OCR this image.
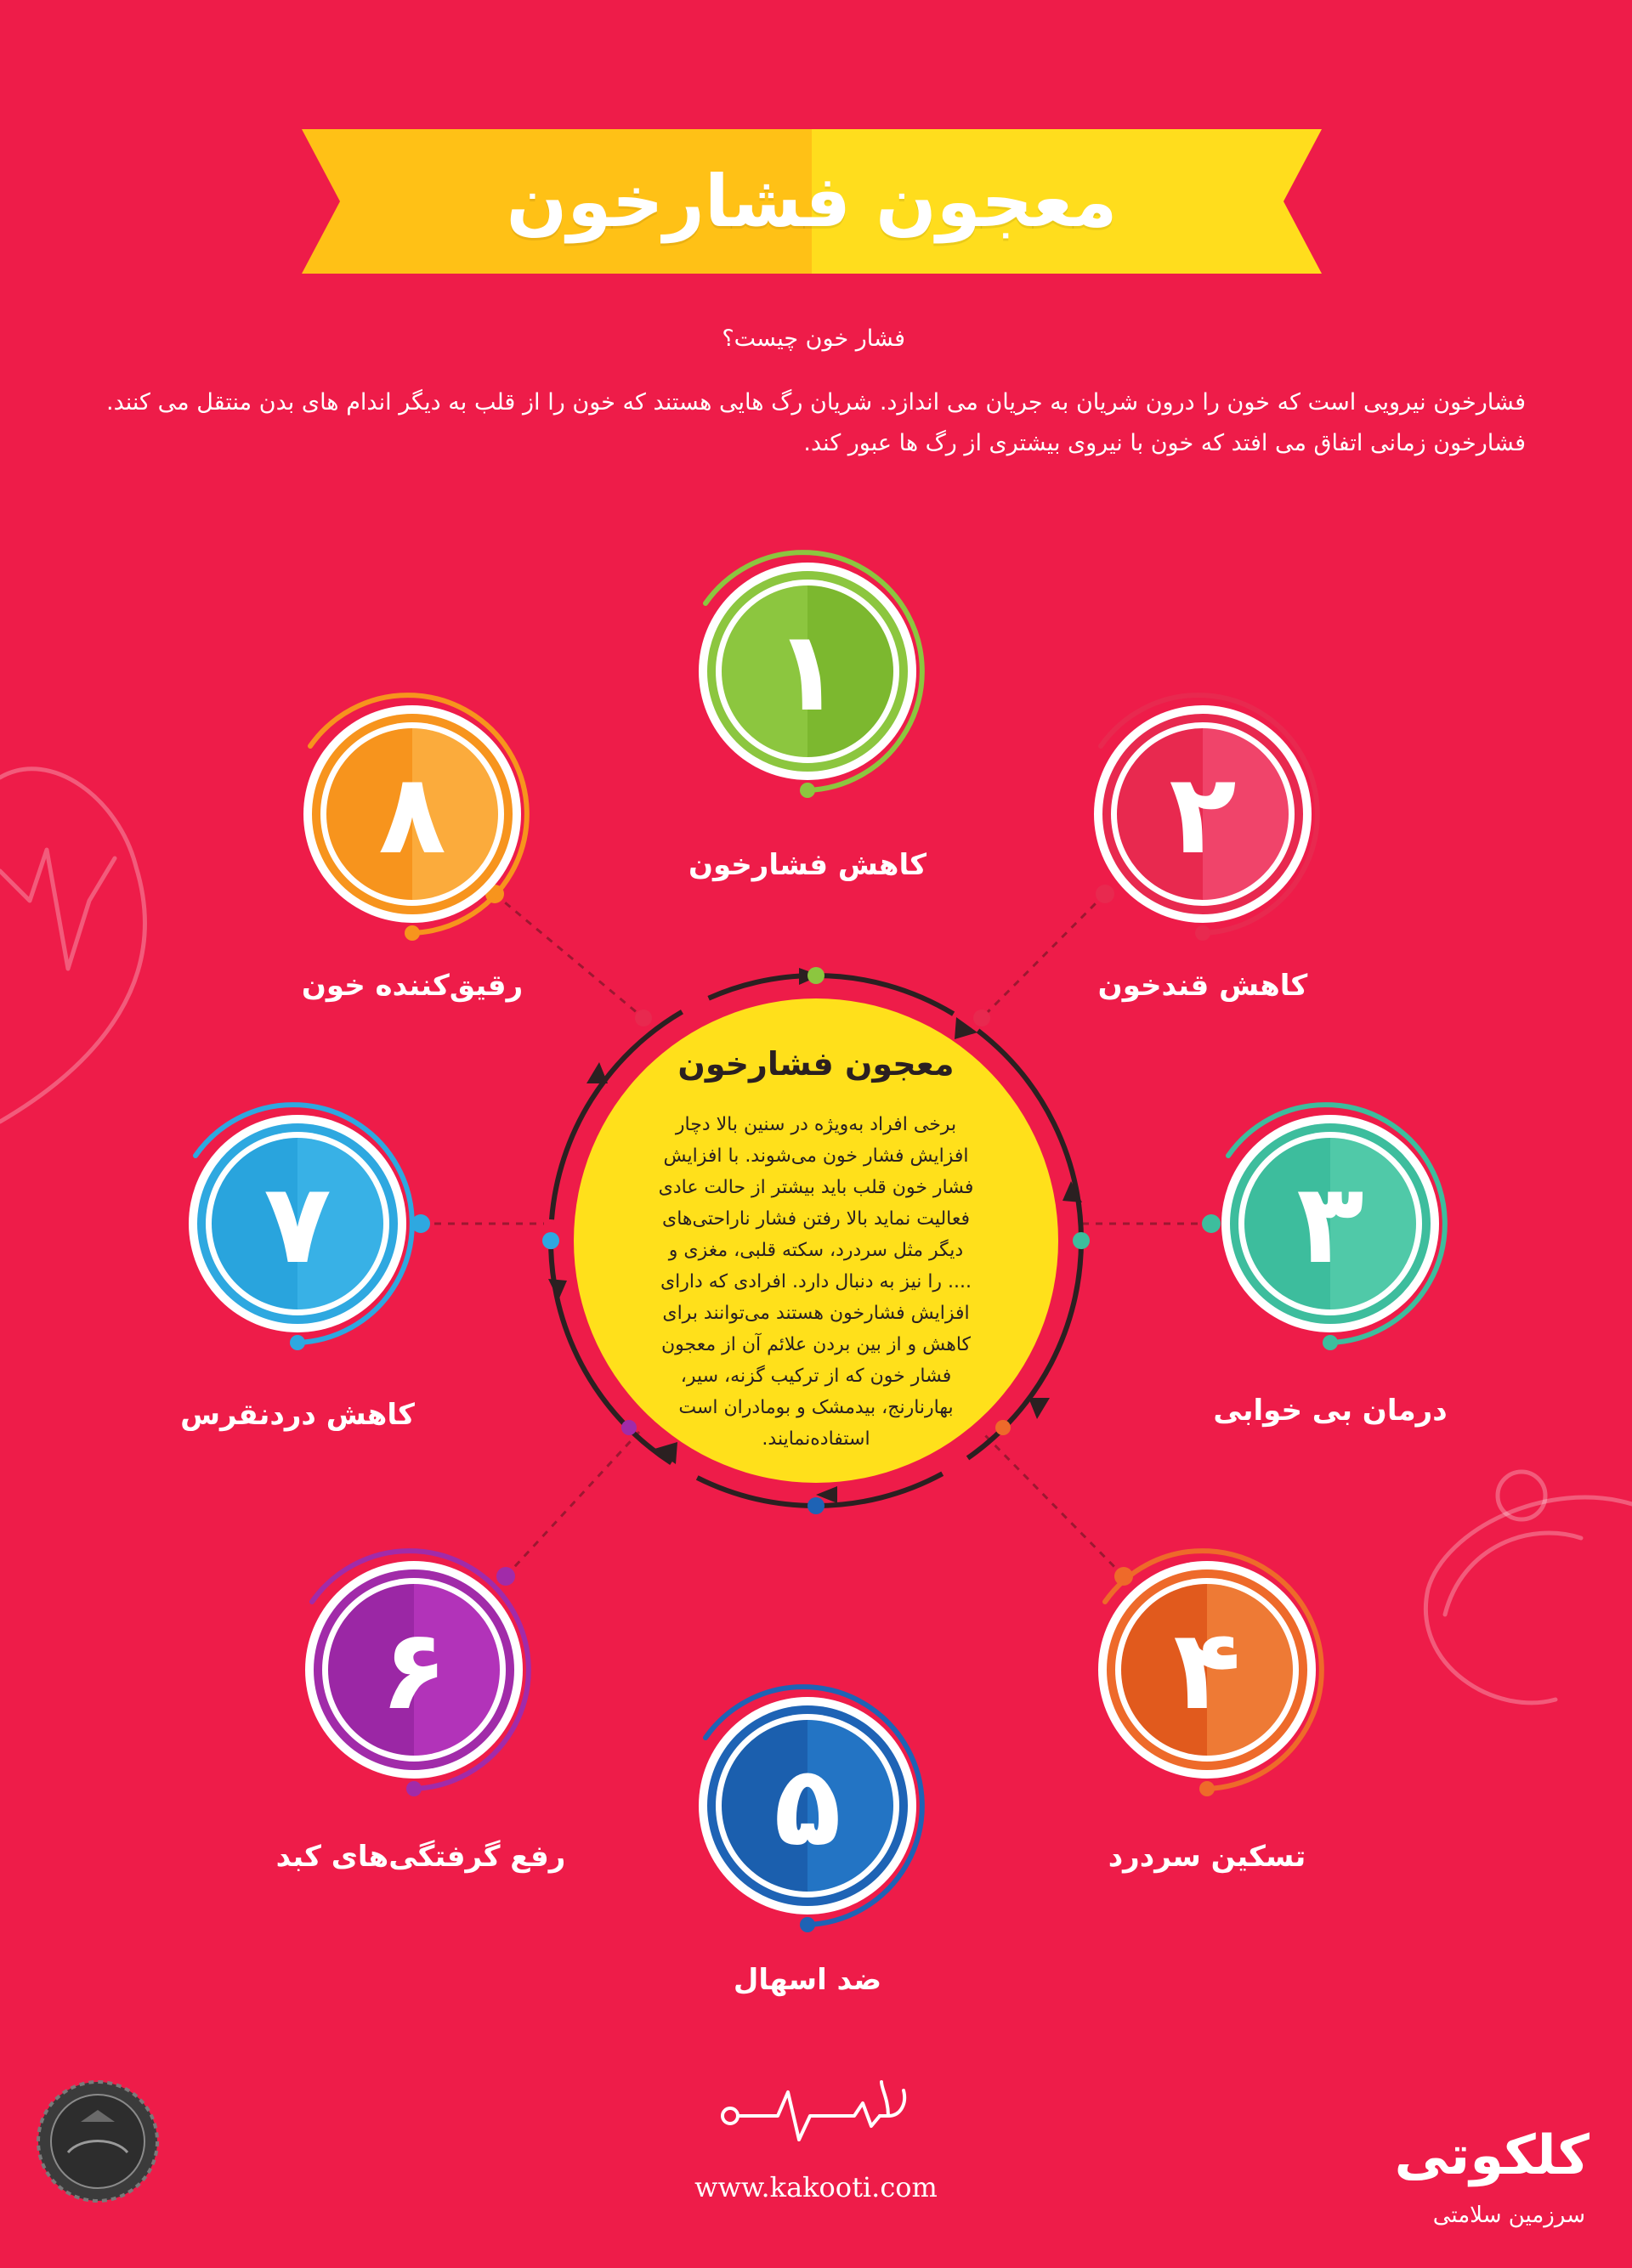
معجون فشارخون
فشار خون چیست؟
فشارخون نیرویی است که خون را درون شریان به جریان می اندازد. شریان رگ هایی هستند که خون را از قلب به دیگر اندام های بدن منتقل می کنند. فشارخون زمانی اتفاق می افتد که خون با نیروی بیشتری از رگ ها عبور کند.
معجون فشارخون
برخی افراد به‌ویژه در سنین بالا دچار افزایش فشار خون می‌شوند. با افزایش فشار خون قلب باید بیشتر از حالت عادی فعالیت نماید بالا رفتن فشار ناراحتی‌های دیگر مثل سردرد، سکته قلبی، مغزی و .... را نیز به دنبال دارد. افرادی که دارای افزایش فشارخون هستند می‌توانند برای کاهش و از بین بردن علائم آن از معجون فشار خون که از ترکیب گزنه، سیر، بهارنارنج، بیدمشک و بومادران است استفاده‌نمایند.
۱
کاهش فشارخون	۲
کاهش قندخون
۳
درمان بی خوابی
۴
تسکین سردرد
۵
ضد اسهال
۶
رفع گرفتگی‌های کبد
۷
کاهش دردنقرس
۸
رقیق‌کننده خون
www.kakooti.com	کلکوتی
سرزمین سلامتی
